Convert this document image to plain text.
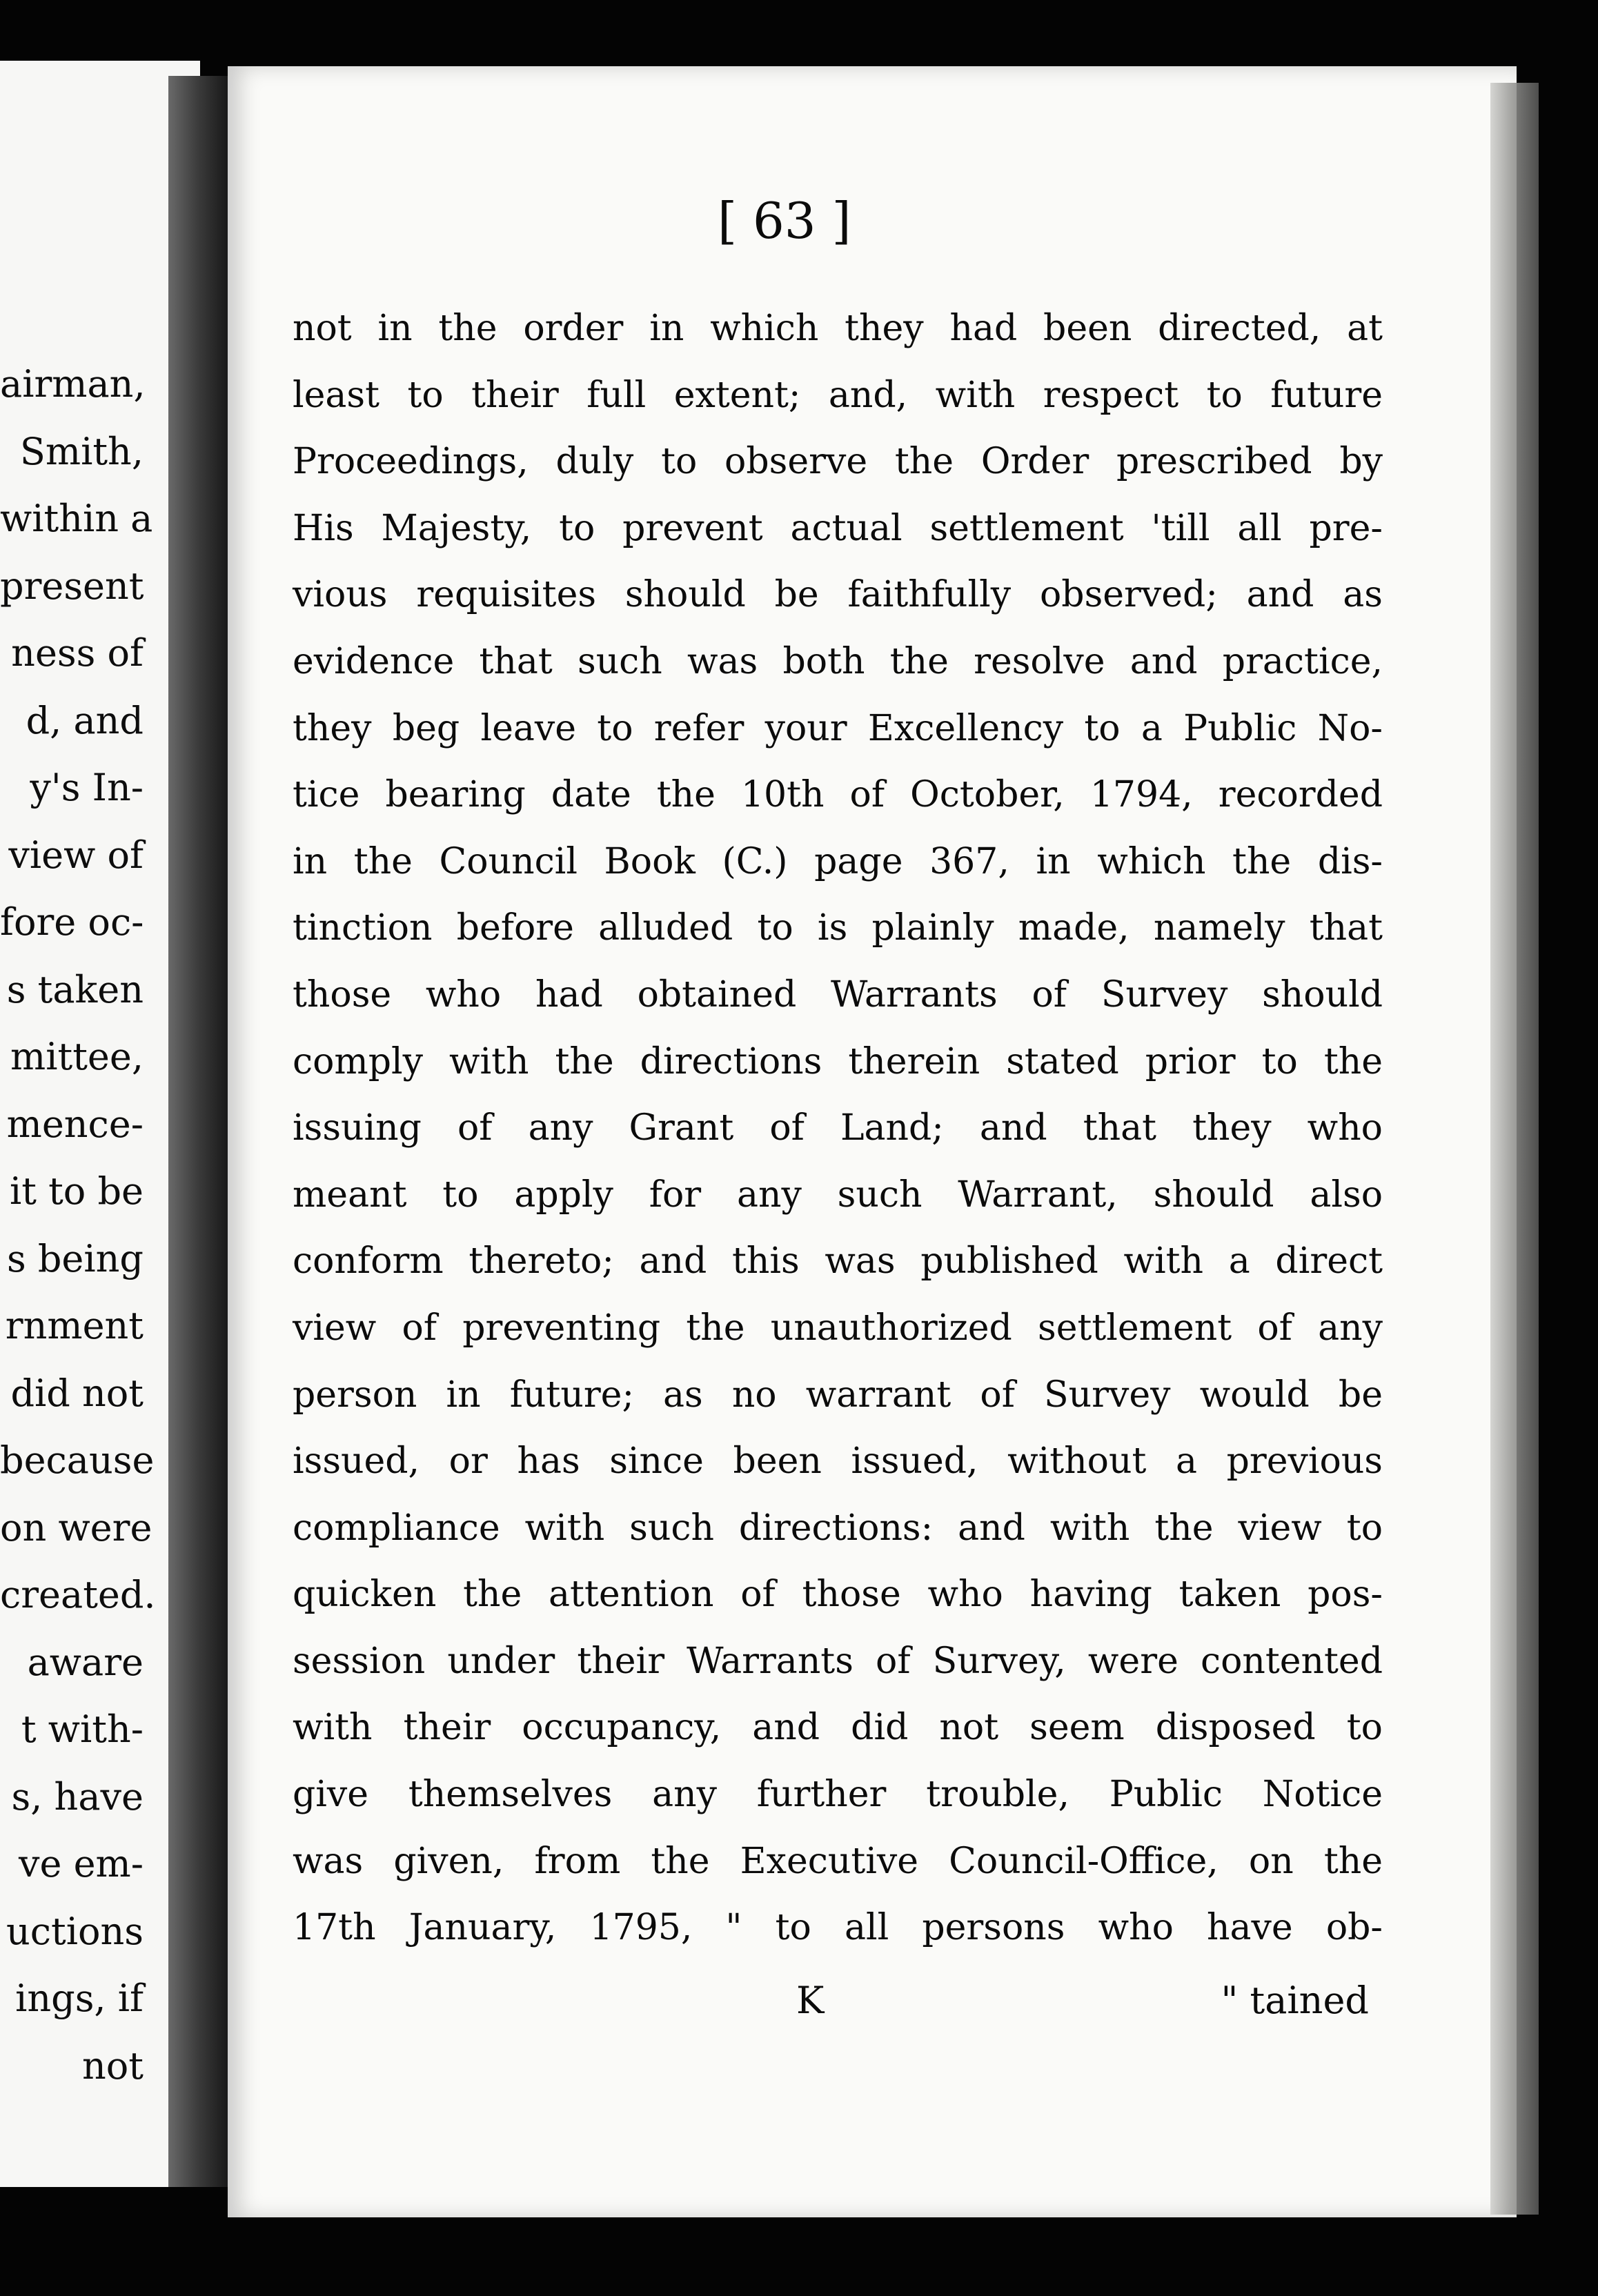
airman,
Smith,
within a
present
ness of
d, and
y's In-
view of
fore oc-
s taken
mittee,
mence-
it to be
s being
rnment
did not
because
on were
created.
aware
t with-
s, have
ve em-
uctions
ings, if
not
[ 63 ]
not in the order in which they had been directed, at
least to their full extent; and, with respect to future
Proceedings, duly to observe the Order prescribed by
His Majesty, to prevent actual settlement 'till all pre-
vious requisites should be faithfully observed; and as
evidence that such was both the resolve and practice,
they beg leave to refer your Excellency to a Public No-
tice bearing date the 10th of October, 1794, recorded
in the Council Book (C.) page 367, in which the dis-
tinction before alluded to is plainly made, namely that
those who had obtained Warrants of Survey should
comply with the directions therein stated prior to the
issuing of any Grant of Land; and that they who
meant to apply for any such Warrant, should also
conform thereto; and this was published with a direct
view of preventing the unauthorized settlement of any
person in future; as no warrant of Survey would be
issued, or has since been issued, without a previous
compliance with such directions: and with the view to
quicken the attention of those who having taken pos-
session under their Warrants of Survey, were contented
with their occupancy, and did not seem disposed to
give themselves any further trouble, Public Notice
was given, from the Executive Council-Office, on the
17th January, 1795, " to all persons who have ob-
K	" tained
